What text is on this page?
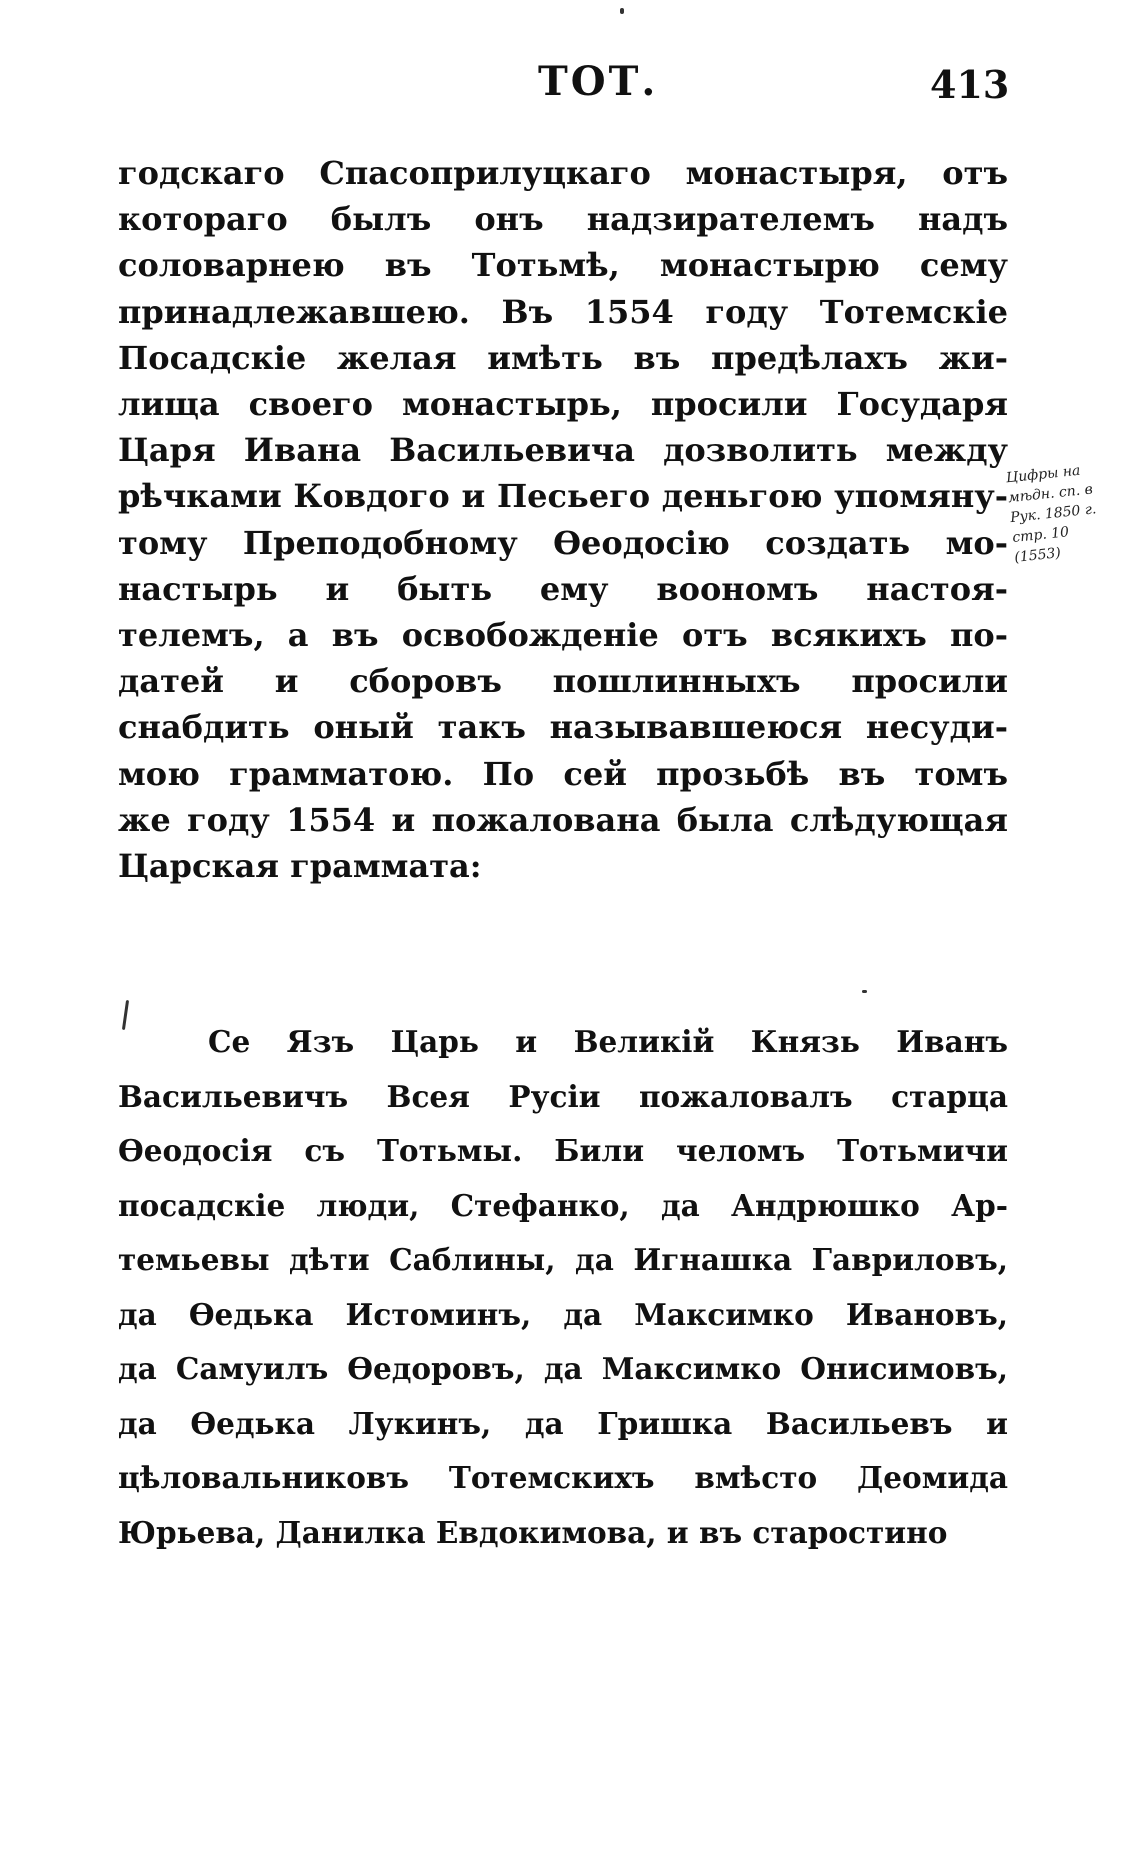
ТОТ.	413
годскаго Спасоприлуцкаго монастыря, отъ
котораго былъ онъ надзирателемъ надъ
соловарнею въ Тотьмѣ, монастырю сему
принадлежавшею. Въ 1554 году Тотемскіе
Посадскіе желая имѣть въ предѣлахъ жи-
лища своего монастырь, просили Государя
Царя Ивана Васильевича дозволить между
рѣчками Ковдого и Песьего деньгою упомяну-
тому Преподобному Ѳеодосію создать мо-
настырь и быть ему воономъ настоя-
телемъ, а въ освобожденіе отъ всякихъ по-
датей и сборовъ пошлинныхъ просили
снабдить оный такъ называвшеюся несуди-
мою грамматою. По сей прозьбѣ въ томъ
же году 1554 и пожалована была слѣдующая
Царская граммата:
Се Язъ Царь и Великій Князь Иванъ
Васильевичъ Всея Русіи пожаловалъ старца
Ѳеодосія съ Тотьмы. Били челомъ Тотьмичи
посадскіе люди, Стефанко, да Андрюшко Ар-
темьевы дѣти Саблины, да Игнашка Гавриловъ,
да Ѳедька Истоминъ, да Максимко Ивановъ,
да Самуилъ Ѳедоровъ, да Максимко Онисимовъ,
да Ѳедька Лукинъ, да Гришка Васильевъ и
цѣловальниковъ Тотемскихъ вмѣсто Деомида
Юрьева, Данилка Евдокимова, и въ старостино
Цифры на
мѣдн. сп. в
Рук. 1850 г.
стр. 10
(1553)
